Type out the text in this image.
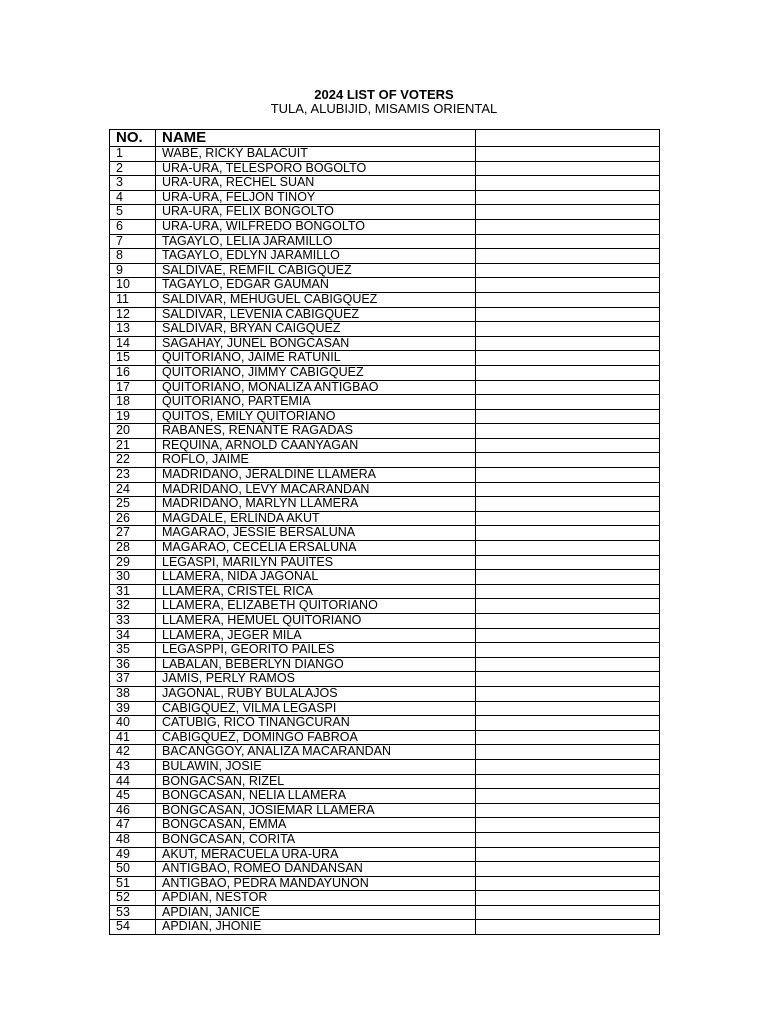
2024 LIST OF VOTERS
TULA, ALUBIJID, MISAMIS ORIENTAL
NO.	NAME	
1	WABE, RICKY BALACUIT	
2	URA-URA, TELESPORO BOGOLTO	
3	URA-URA, RECHEL SUAN	
4	URA-URA, FELJON TINOY	
5	URA-URA, FELIX BONGOLTO	
6	URA-URA, WILFREDO BONGOLTO	
7	TAGAYLO, LELIA JARAMILLO	
8	TAGAYLO, EDLYN JARAMILLO	
9	SALDIVAE, REMFIL CABIGQUEZ	
10	TAGAYLO, EDGAR GAUMAN	
11	SALDIVAR, MEHUGUEL CABIGQUEZ	
12	SALDIVAR, LEVENIA CABIGQUEZ	
13	SALDIVAR, BRYAN CAIGQUEZ	
14	SAGAHAY, JUNEL BONGCASAN	
15	QUITORIANO, JAIME RATUNIL	
16	QUITORIANO, JIMMY CABIGQUEZ	
17	QUITORIANO, MONALIZA ANTIGBAO	
18	QUITORIANO, PARTEMIA	
19	QUITOS, EMILY QUITORIANO	
20	RABANES, RENANTE RAGADAS	
21	REQUINA, ARNOLD CAANYAGAN	
22	ROFLO, JAIME	
23	MADRIDANO, JERALDINE LLAMERA	
24	MADRIDANO, LEVY MACARANDAN	
25	MADRIDANO, MARLYN LLAMERA	
26	MAGDALE, ERLINDA AKUT	
27	MAGARAO, JESSIE BERSALUNA	
28	MAGARAO, CECELIA ERSALUNA	
29	LEGASPI, MARILYN PAUITES	
30	LLAMERA, NIDA JAGONAL	
31	LLAMERA, CRISTEL RICA	
32	LLAMERA, ELIZABETH QUITORIANO	
33	LLAMERA, HEMUEL QUITORIANO	
34	LLAMERA, JEGER MILA	
35	LEGASPPI, GEORITO PAILES	
36	LABALAN, BEBERLYN DIANGO	
37	JAMIS, PERLY RAMOS	
38	JAGONAL, RUBY BULALAJOS	
39	CABIGQUEZ, VILMA LEGASPI	
40	CATUBIG, RICO TINANGCURAN	
41	CABIGQUEZ, DOMINGO FABROA	
42	BACANGGOY, ANALIZA MACARANDAN	
43	BULAWIN, JOSIE	
44	BONGACSAN, RIZEL	
45	BONGCASAN, NELIA LLAMERA	
46	BONGCASAN, JOSIEMAR LLAMERA	
47	BONGCASAN, EMMA	
48	BONGCASAN, CORITA	
49	AKUT, MERACUELA URA-URA	
50	ANTIGBAO, ROMEO DANDANSAN	
51	ANTIGBAO, PEDRA MANDAYUNON	
52	APDIAN, NESTOR	
53	APDIAN, JANICE	
54	APDIAN, JHONIE	
